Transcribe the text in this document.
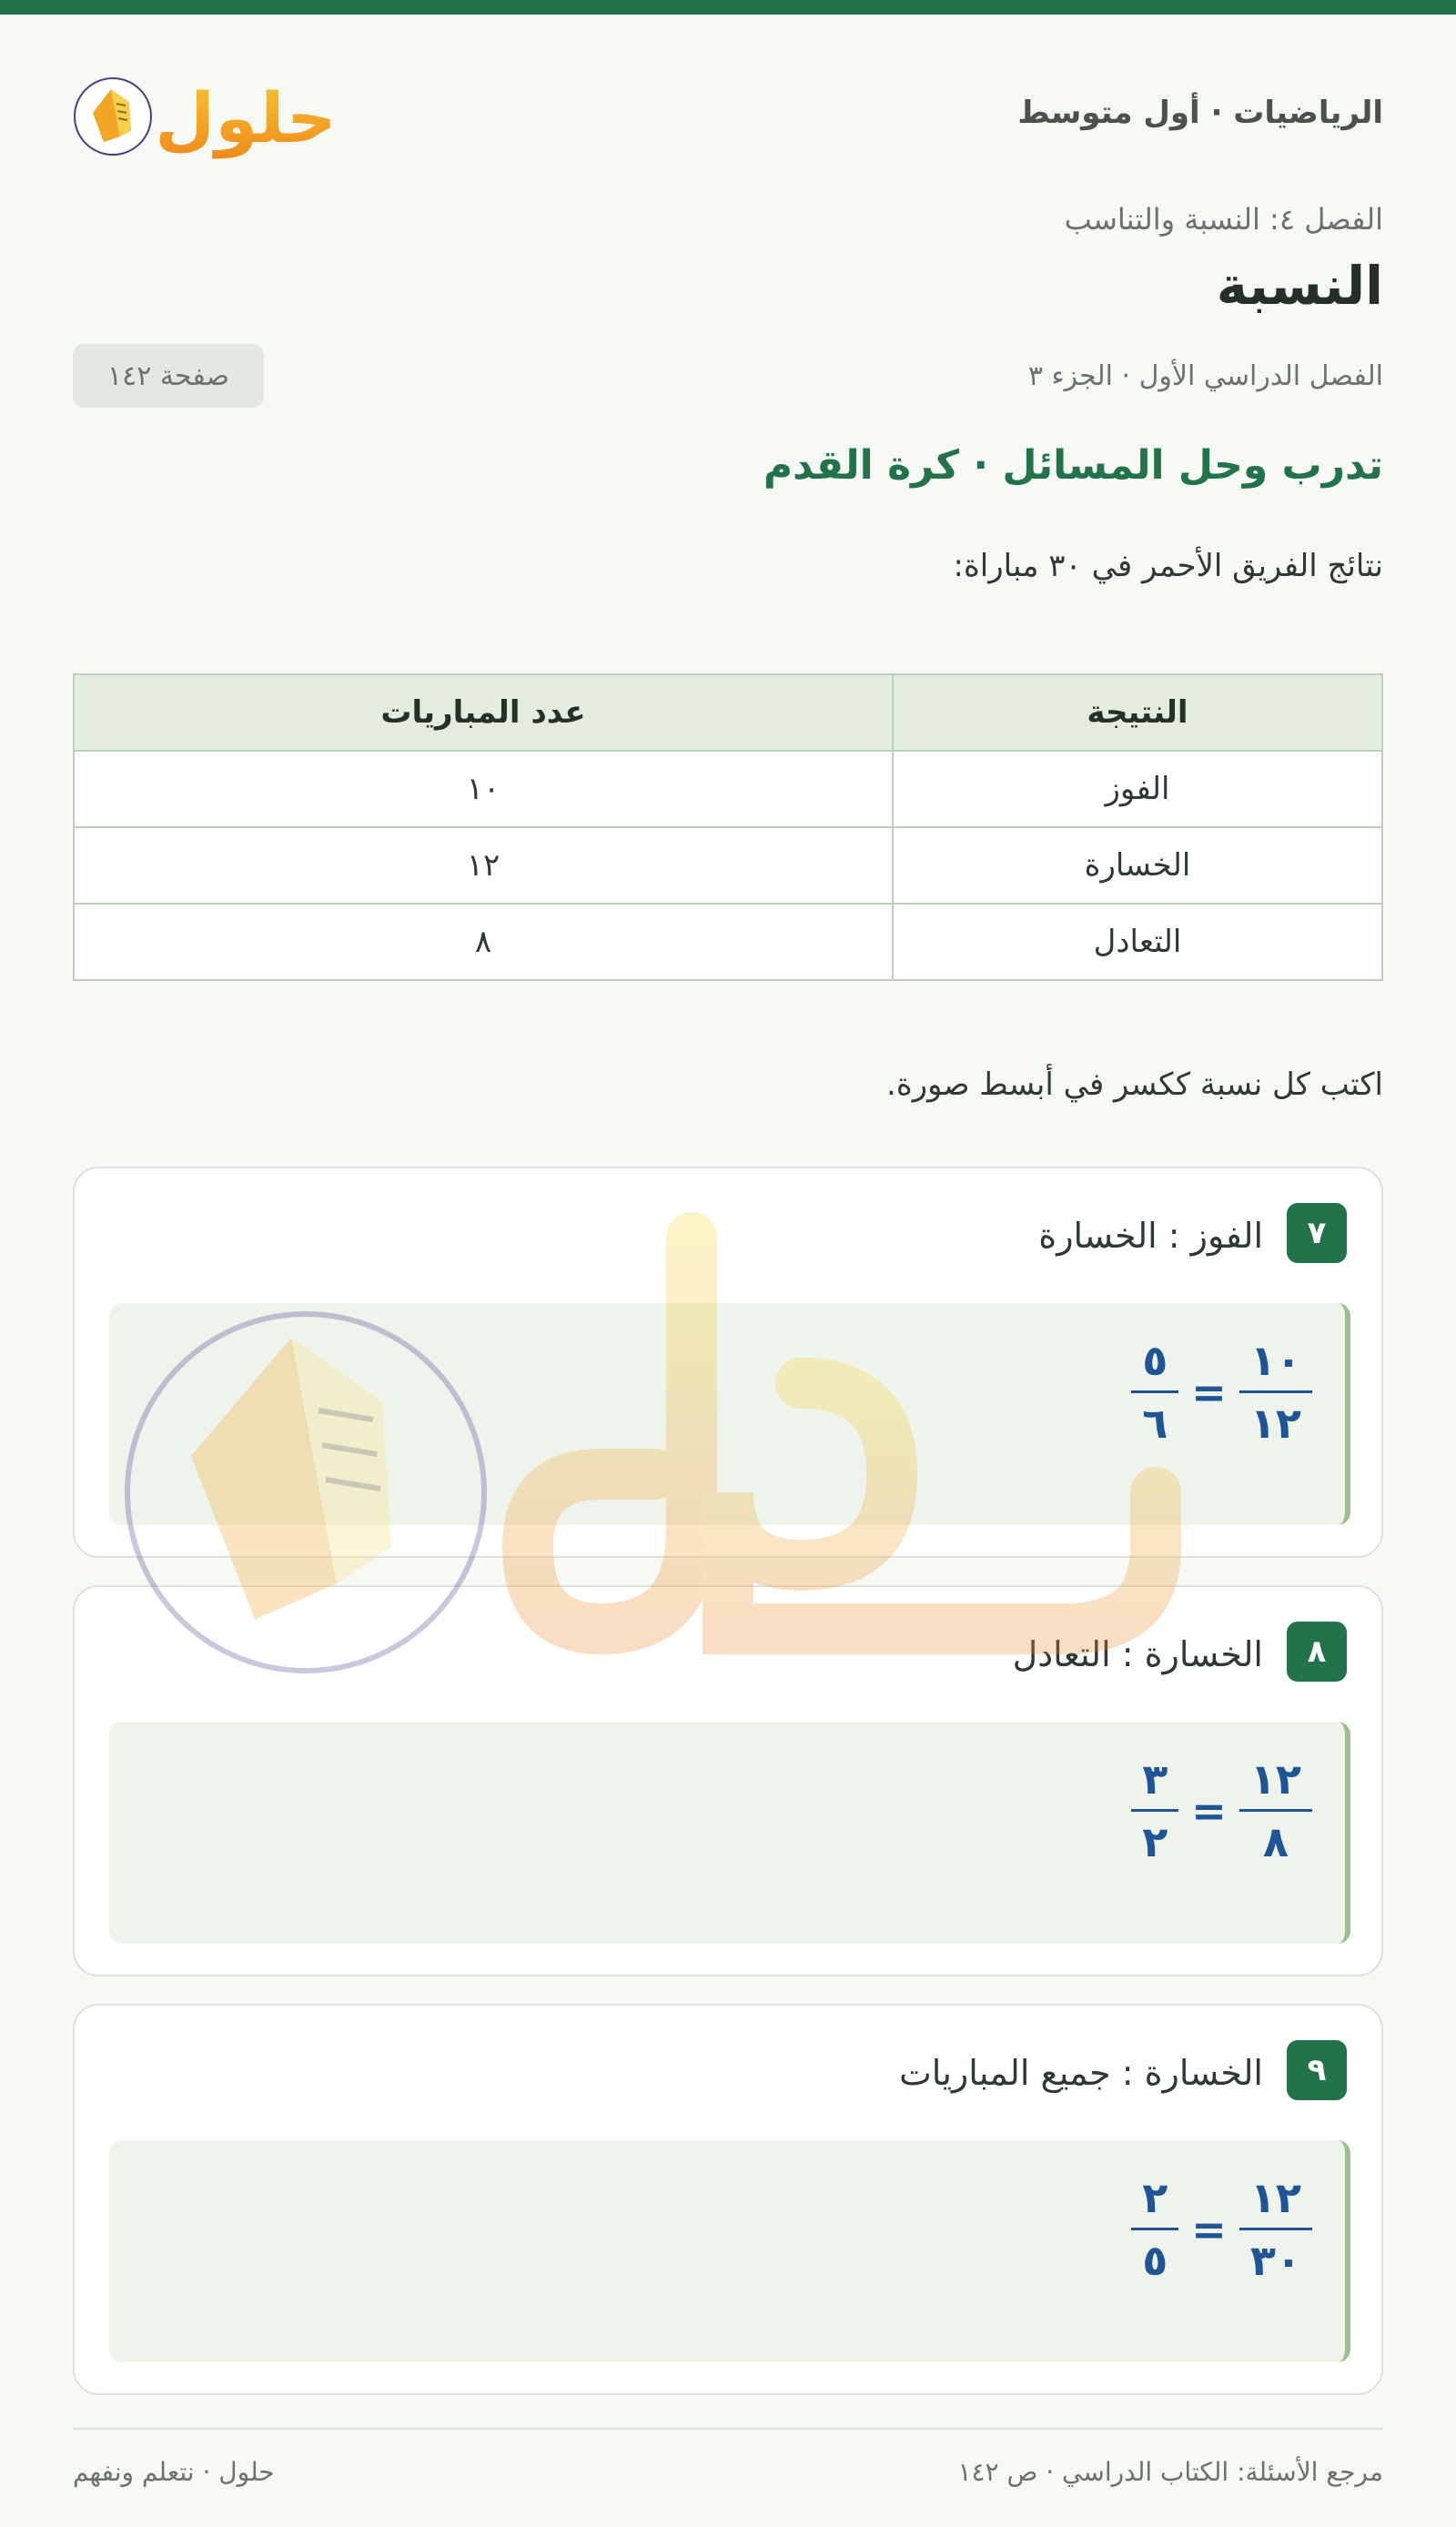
الرياضيات · أول متوسط
حلول
الفصل ٤: النسبة والتناسب
النسبة
الفصل الدراسي الأول · الجزء ٣
صفحة ١٤٢
تدرب وحل المسائل · كرة القدم
نتائج الفريق الأحمر في ٣٠ مباراة:
النتيجة	عدد المباريات
الفوز	١٠
الخسارة	١٢
التعادل	٨
اكتب كل نسبة ككسر في أبسط صورة.
٧
الفوز : الخسارة
$\frac{١٠}{١٢}$
=
$\frac{٥}{٦}$
٨
الخسارة : التعادل
$\frac{١٢}{٨}$
=
$\frac{٣}{٢}$
٩
الخسارة : جميع المباريات
$\frac{١٢}{٣٠}$
=
$\frac{٢}{٥}$
مرجع الأسئلة: الكتاب الدراسي · ص ١٤٢
حلول · نتعلم ونفهم
